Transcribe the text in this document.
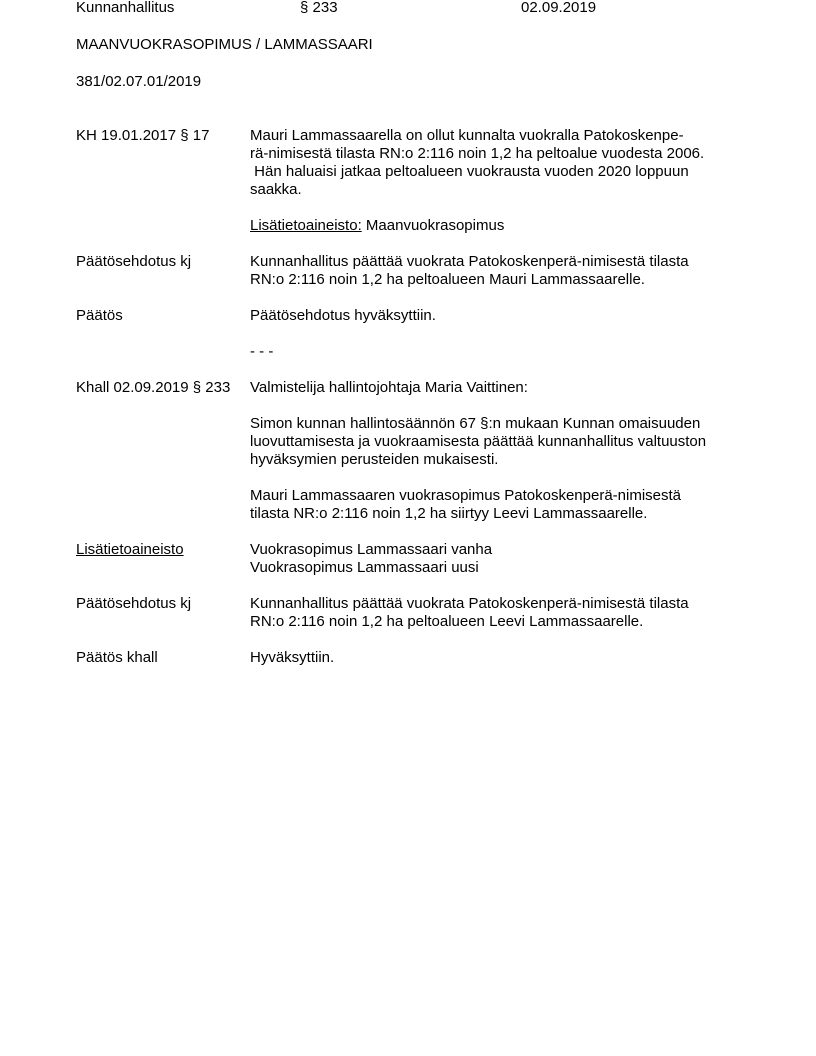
Kunnanhallitus	§ 233	02.09.2019
MAANVUOKRASOPIMUS / LAMMASSAARI
381/02.07.01/2019
KH 19.01.2017 § 17	Mauri Lammassaarella on ollut kunnalta vuokralla Patokoskenpe-
rä-nimisestä tilasta RN:o 2:116 noin 1,2 ha peltoalue vuodesta 2006.
Hän haluaisi jatkaa peltoalueen vuokrausta vuoden 2020 loppuun
saakka.
Lisätietoaineisto: Maanvuokrasopimus
Päätösehdotus kj	Kunnanhallitus päättää vuokrata Patokoskenperä-nimisestä tilasta
RN:o 2:116 noin 1,2 ha peltoalueen Mauri Lammassaarelle.
Päätös	Päätösehdotus hyväksyttiin.
- - -
Khall 02.09.2019 § 233	Valmistelija hallintojohtaja Maria Vaittinen:
Simon kunnan hallintosäännön 67 §:n mukaan Kunnan omaisuuden
luovuttamisesta ja vuokraamisesta päättää kunnanhallitus valtuuston
hyväksymien perusteiden mukaisesti.
Mauri Lammassaaren vuokrasopimus Patokoskenperä-nimisestä
tilasta NR:o 2:116 noin 1,2 ha siirtyy Leevi Lammassaarelle.
Lisätietoaineisto	Vuokrasopimus Lammassaari vanha
Vuokrasopimus Lammassaari uusi
Päätösehdotus kj	Kunnanhallitus päättää vuokrata Patokoskenperä-nimisestä tilasta
RN:o 2:116 noin 1,2 ha peltoalueen Leevi Lammassaarelle.
Päätös khall	Hyväksyttiin.
